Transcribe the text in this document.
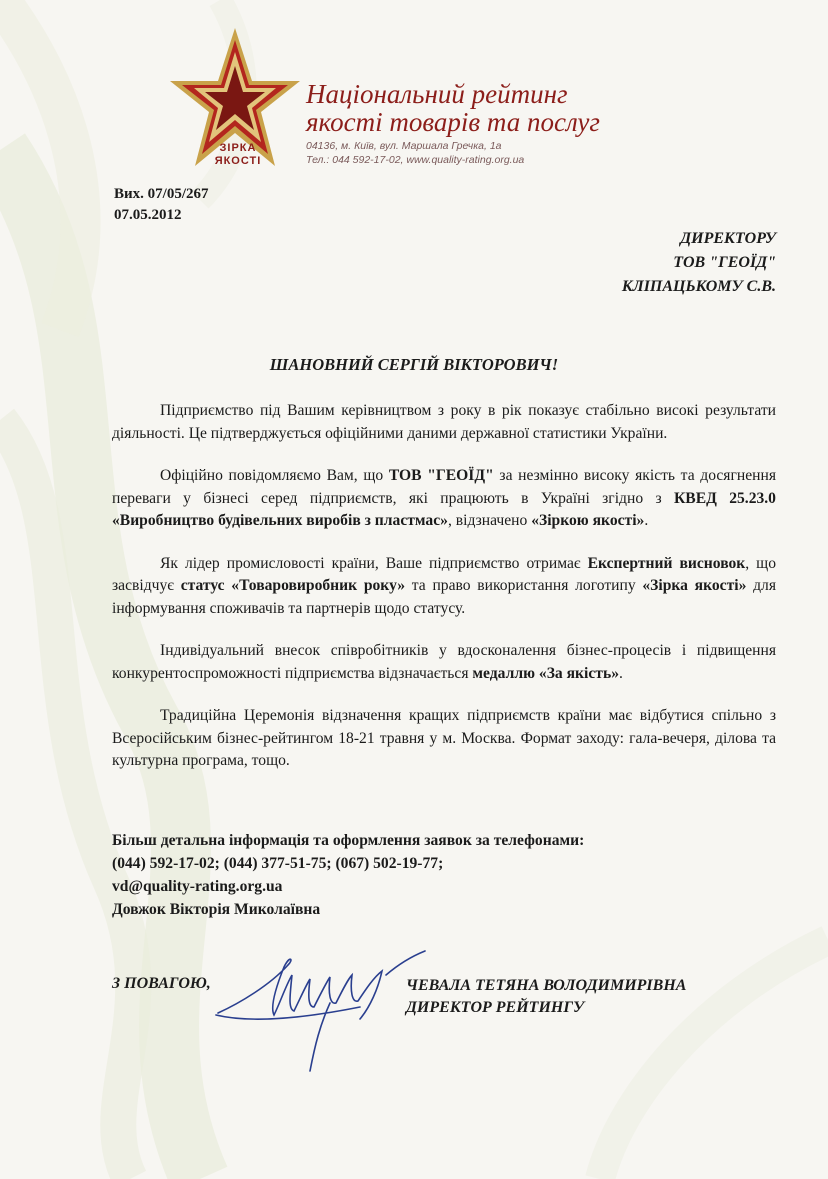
ЗІРКА
ЯКОСТІ
Національний рейтинг
якості товарів та послуг
04136, м. Київ, вул. Маршала Гречка, 1а
Тел.: 044 592-17-02, www.quality-rating.org.ua
Вих. 07/05/267
07.05.2012
ДИРЕКТОРУ
ТОВ "ГЕОЇД"
КЛІПАЦЬКОМУ С.В.
ШАНОВНИЙ СЕРГІЙ ВІКТОРОВИЧ!

Підприємство під Вашим керівництвом з року в рік показує стабільно високі результати діяльності. Це підтверджується офіційними даними державної статистики України.

Офіційно повідомляємо Вам, що ТОВ "ГЕОЇД" за незмінно високу якість та досягнення переваги у бізнесі серед підприємств, які працюють в Україні згідно з КВЕД 25.23.0 «Виробництво будівельних виробів з пластмас», відзначено «Зіркою якості».

Як лідер промисловості країни, Ваше підприємство отримає Експертний висновок, що засвідчує статус «Товаровиробник року» та право використання логотипу «Зірка якості» для інформування споживачів та партнерів щодо статусу.

Індивідуальний внесок співробітників у вдосконалення бізнес-процесів і підвищення конкурентоспроможності підприємства відзначається медаллю «За якість».

Традиційна Церемонія відзначення кращих підприємств країни має відбутися спільно з Всеросійським бізнес-рейтингом 18-21 травня у м. Москва. Формат заходу: гала-вечеря, ділова та культурна програма, тощо.

Більш детальна інформація та оформлення заявок за телефонами:
(044) 592-17-02; (044) 377-51-75; (067) 502-19-77;
vd@quality-rating.org.ua
Довжок Вікторія Миколаївна
З ПОВАГОЮ,	ЧЕВАЛА ТЕТЯНА ВОЛОДИМИРІВНА
ДИРЕКТОР РЕЙТИНГУ
